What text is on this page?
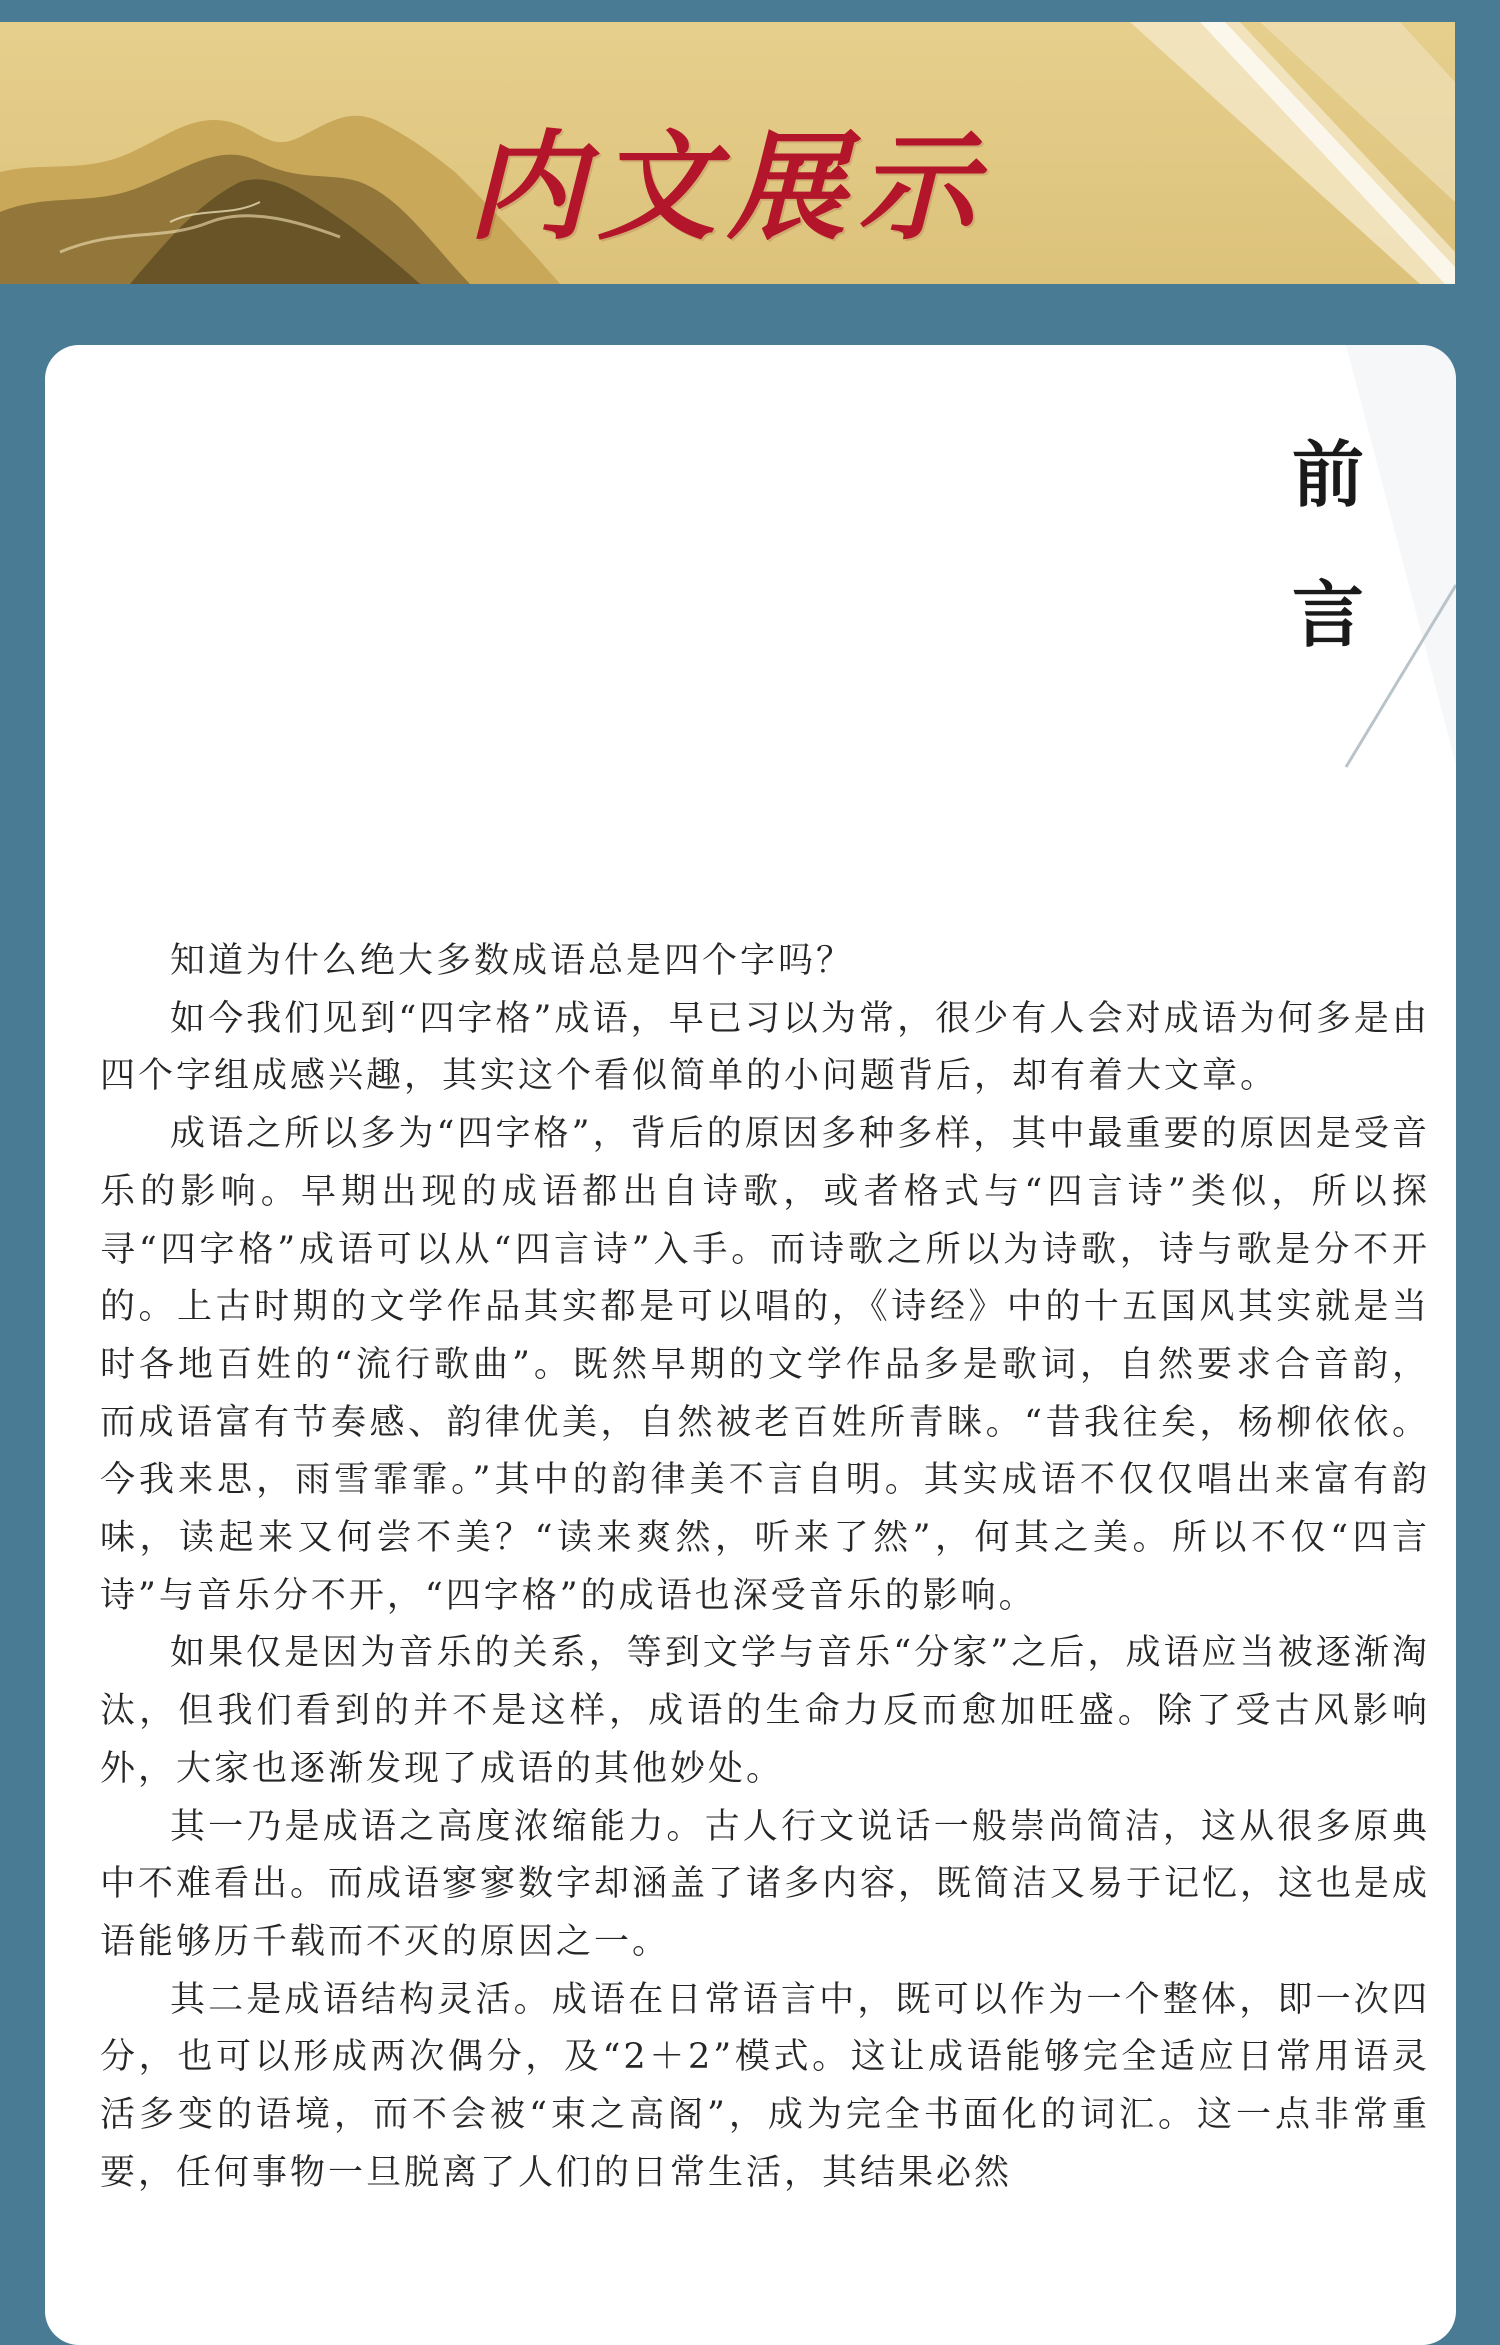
内文展示
前
言

知道为什么绝大多数成语总是四个字吗？

如今我们见到“四字格”成语，早已习以为常，很少有人会对成语为何多是由四个字组成感兴趣，其实这个看似简单的小问题背后，却有着大文章。

成语之所以多为“四字格”，背后的原因多种多样，其中最重要的原因是受音乐的影响。早期出现的成语都出自诗歌，或者格式与“四言诗”类似，所以探寻“四字格”成语可以从“四言诗”入手。而诗歌之所以为诗歌，诗与歌是分不开的。上古时期的文学作品其实都是可以唱的，《诗经》中的十五国风其实就是当时各地百姓的“流行歌曲”。既然早期的文学作品多是歌词，自然要求合音韵，而成语富有节奏感、韵律优美，自然被老百姓所青睐。“昔我往矣，杨柳依依。今我来思，雨雪霏霏。”其中的韵律美不言自明。其实成语不仅仅唱出来富有韵味，读起来又何尝不美？“读来爽然，听来了然”，何其之美。所以不仅“四言诗”与音乐分不开，“四字格”的成语也深受音乐的影响。

如果仅是因为音乐的关系，等到文学与音乐“分家”之后，成语应当被逐渐淘汰，但我们看到的并不是这样，成语的生命力反而愈加旺盛。除了受古风影响外，大家也逐渐发现了成语的其他妙处。

其一乃是成语之高度浓缩能力。古人行文说话一般崇尚简洁，这从很多原典中不难看出。而成语寥寥数字却涵盖了诸多内容，既简洁又易于记忆，这也是成语能够历千载而不灭的原因之一。

其二是成语结构灵活。成语在日常语言中，既可以作为一个整体，即一次四分，也可以形成两次偶分，及“2＋2”模式。这让成语能够完全适应日常用语灵活多变的语境，而不会被“束之高阁”，成为完全书面化的词汇。这一点非常重要，任何事物一旦脱离了人们的日常生活，其结果必然
